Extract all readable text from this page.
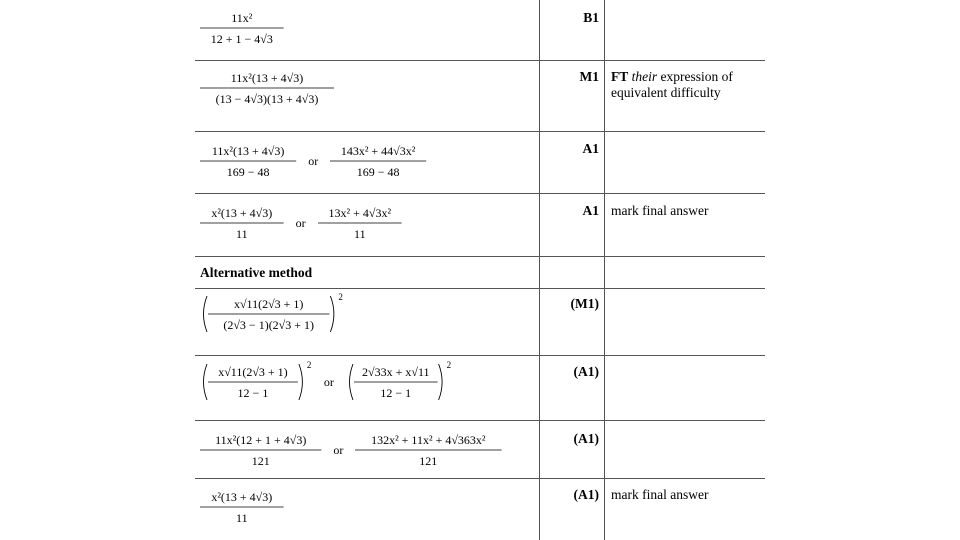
11x²
12 + 1 − 4√3
B1
11x²(13 + 4√3)
(13 − 4√3)(13 + 4√3)
M1 FT their expression of equivalent difficulty
11x²(13 + 4√3)
169 − 48
or
143x² + 44√3x²
169 − 48
A1
x²(13 + 4√3)
11
or
13x² + 4√3x²
11
A1 mark final answer
Alternative method
x√11(2√3 + 1)
(2√3 − 1)(2√3 + 1)
2	(M1)
x√11(2√3 + 1)
12 − 1
2
or
2√33x + x√11
12 − 1
2	(A1)
11x²(12 + 1 + 4√3)
121
or
132x² + 11x² + 4√363x²
121
(A1)
x²(13 + 4√3)
11
(A1) mark final answer
